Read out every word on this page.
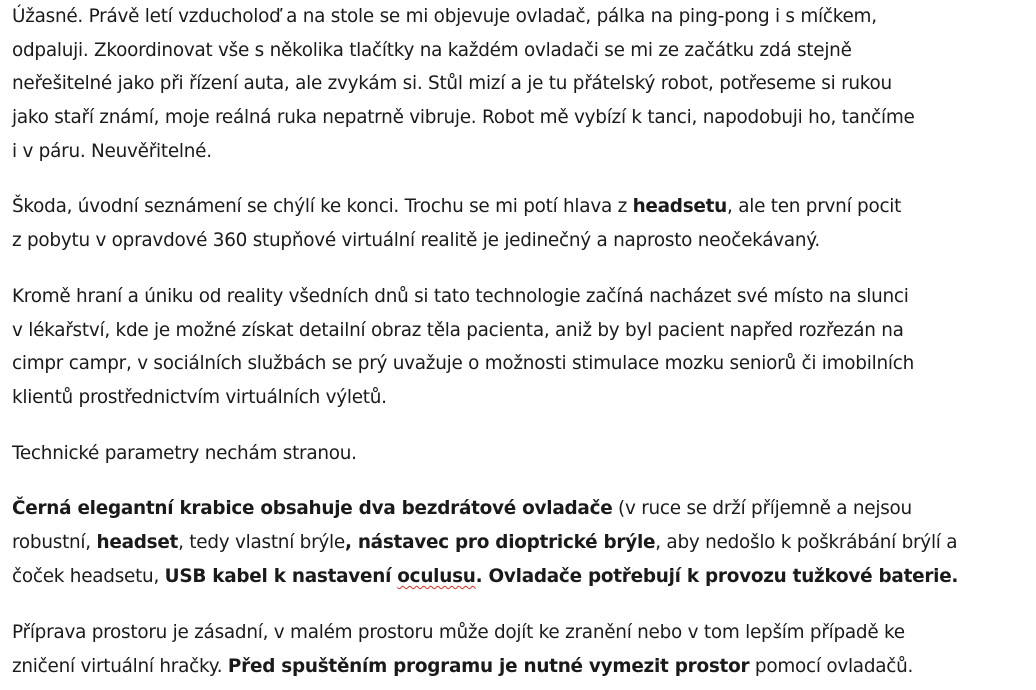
Úžasné. Právě letí vzducholoď a na stole se mi objevuje ovladač, pálka na ping-pong i s míčkem,
odpaluji. Zkoordinovat vše s několika tlačítky na každém ovladači se mi ze začátku zdá stejně
neřešitelné jako při řízení auta, ale zvykám si. Stůl mizí a je tu přátelský robot, potřeseme si rukou
jako staří známí, moje reálná ruka nepatrně vibruje. Robot mě vybízí k tanci, napodobuji ho, tančíme
i v páru. Neuvěřitelné.

Škoda, úvodní seznámení se chýlí ke konci. Trochu se mi potí hlava z headsetu, ale ten první pocit
z pobytu v opravdové 360 stupňové virtuální realitě je jedinečný a naprosto neočekávaný.

Kromě hraní a úniku od reality všedních dnů si tato technologie začíná nacházet své místo na slunci
v lékařství, kde je možné získat detailní obraz těla pacienta, aniž by byl pacient napřed rozřezán na
cimpr campr, v sociálních službách se prý uvažuje o možnosti stimulace mozku seniorů či imobilních
klientů prostřednictvím virtuálních výletů.

Technické parametry nechám stranou.

Černá elegantní krabice obsahuje dva bezdrátové ovladače (v ruce se drží příjemně a nejsou
robustní, headset, tedy vlastní brýle, nástavec pro dioptrické brýle, aby nedošlo k poškrábání brýlí a
čoček headsetu, USB kabel k nastavení oculusu. Ovladače potřebují k provozu tužkové baterie.

Příprava prostoru je zásadní, v malém prostoru může dojít ke zranění nebo v tom lepším případě ke
zničení virtuální hračky. Před spuštěním programu je nutné vymezit prostor pomocí ovladačů.
